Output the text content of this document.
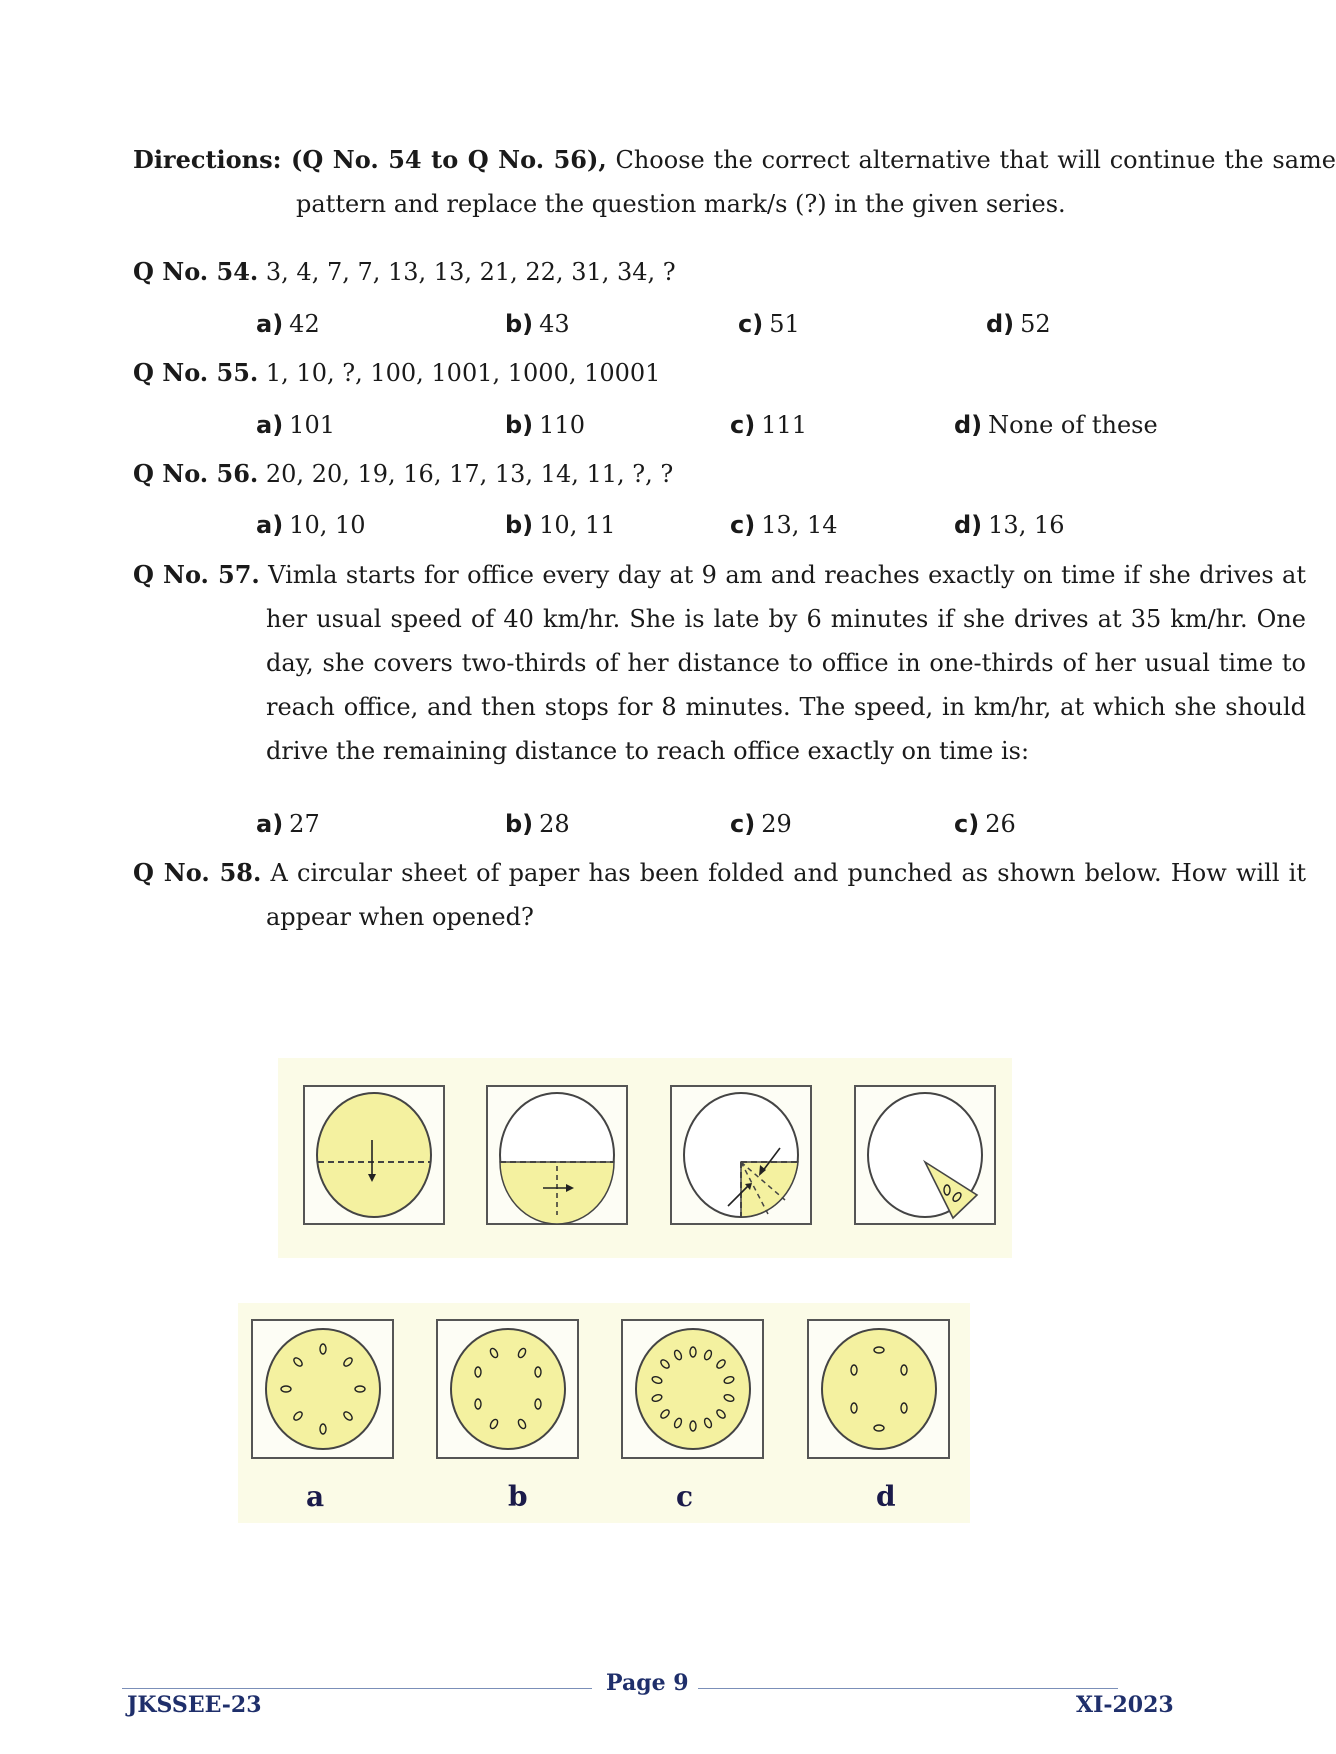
Directions: (Q No. 54 to Q No. 56), Choose the correct alternative that will continue the same pattern and replace the question mark/s (?) in the given series.
Q No. 54. 3, 4, 7, 7, 13, 13, 21, 22, 31, 34, ?
a) 42	b) 43	c) 51	d) 52
Q No. 55. 1, 10, ?, 100, 1001, 1000, 10001
a) 101	b) 110	c) 111	d) None of these
Q No. 56. 20, 20, 19, 16, 17, 13, 14, 11, ?, ?
a) 10, 10	b) 10, 11	c) 13, 14	d) 13, 16
Q No. 57. Vimla starts for office every day at 9 am and reaches exactly on time if she drives at her usual speed of 40 km/hr. She is late by 6 minutes if she drives at 35 km/hr. One day, she covers two-thirds of her distance to office in one-thirds of her usual time to reach office, and then stops for 8 minutes. The speed, in km/hr, at which she should drive the remaining distance to reach office exactly on time is:
a) 27	b) 28	c) 29	c) 26
Q No. 58. A circular sheet of paper has been folded and punched as shown below. How will it appear when opened?
a	b	c	d
JKSSEE-23
Page 9
XI-2023
